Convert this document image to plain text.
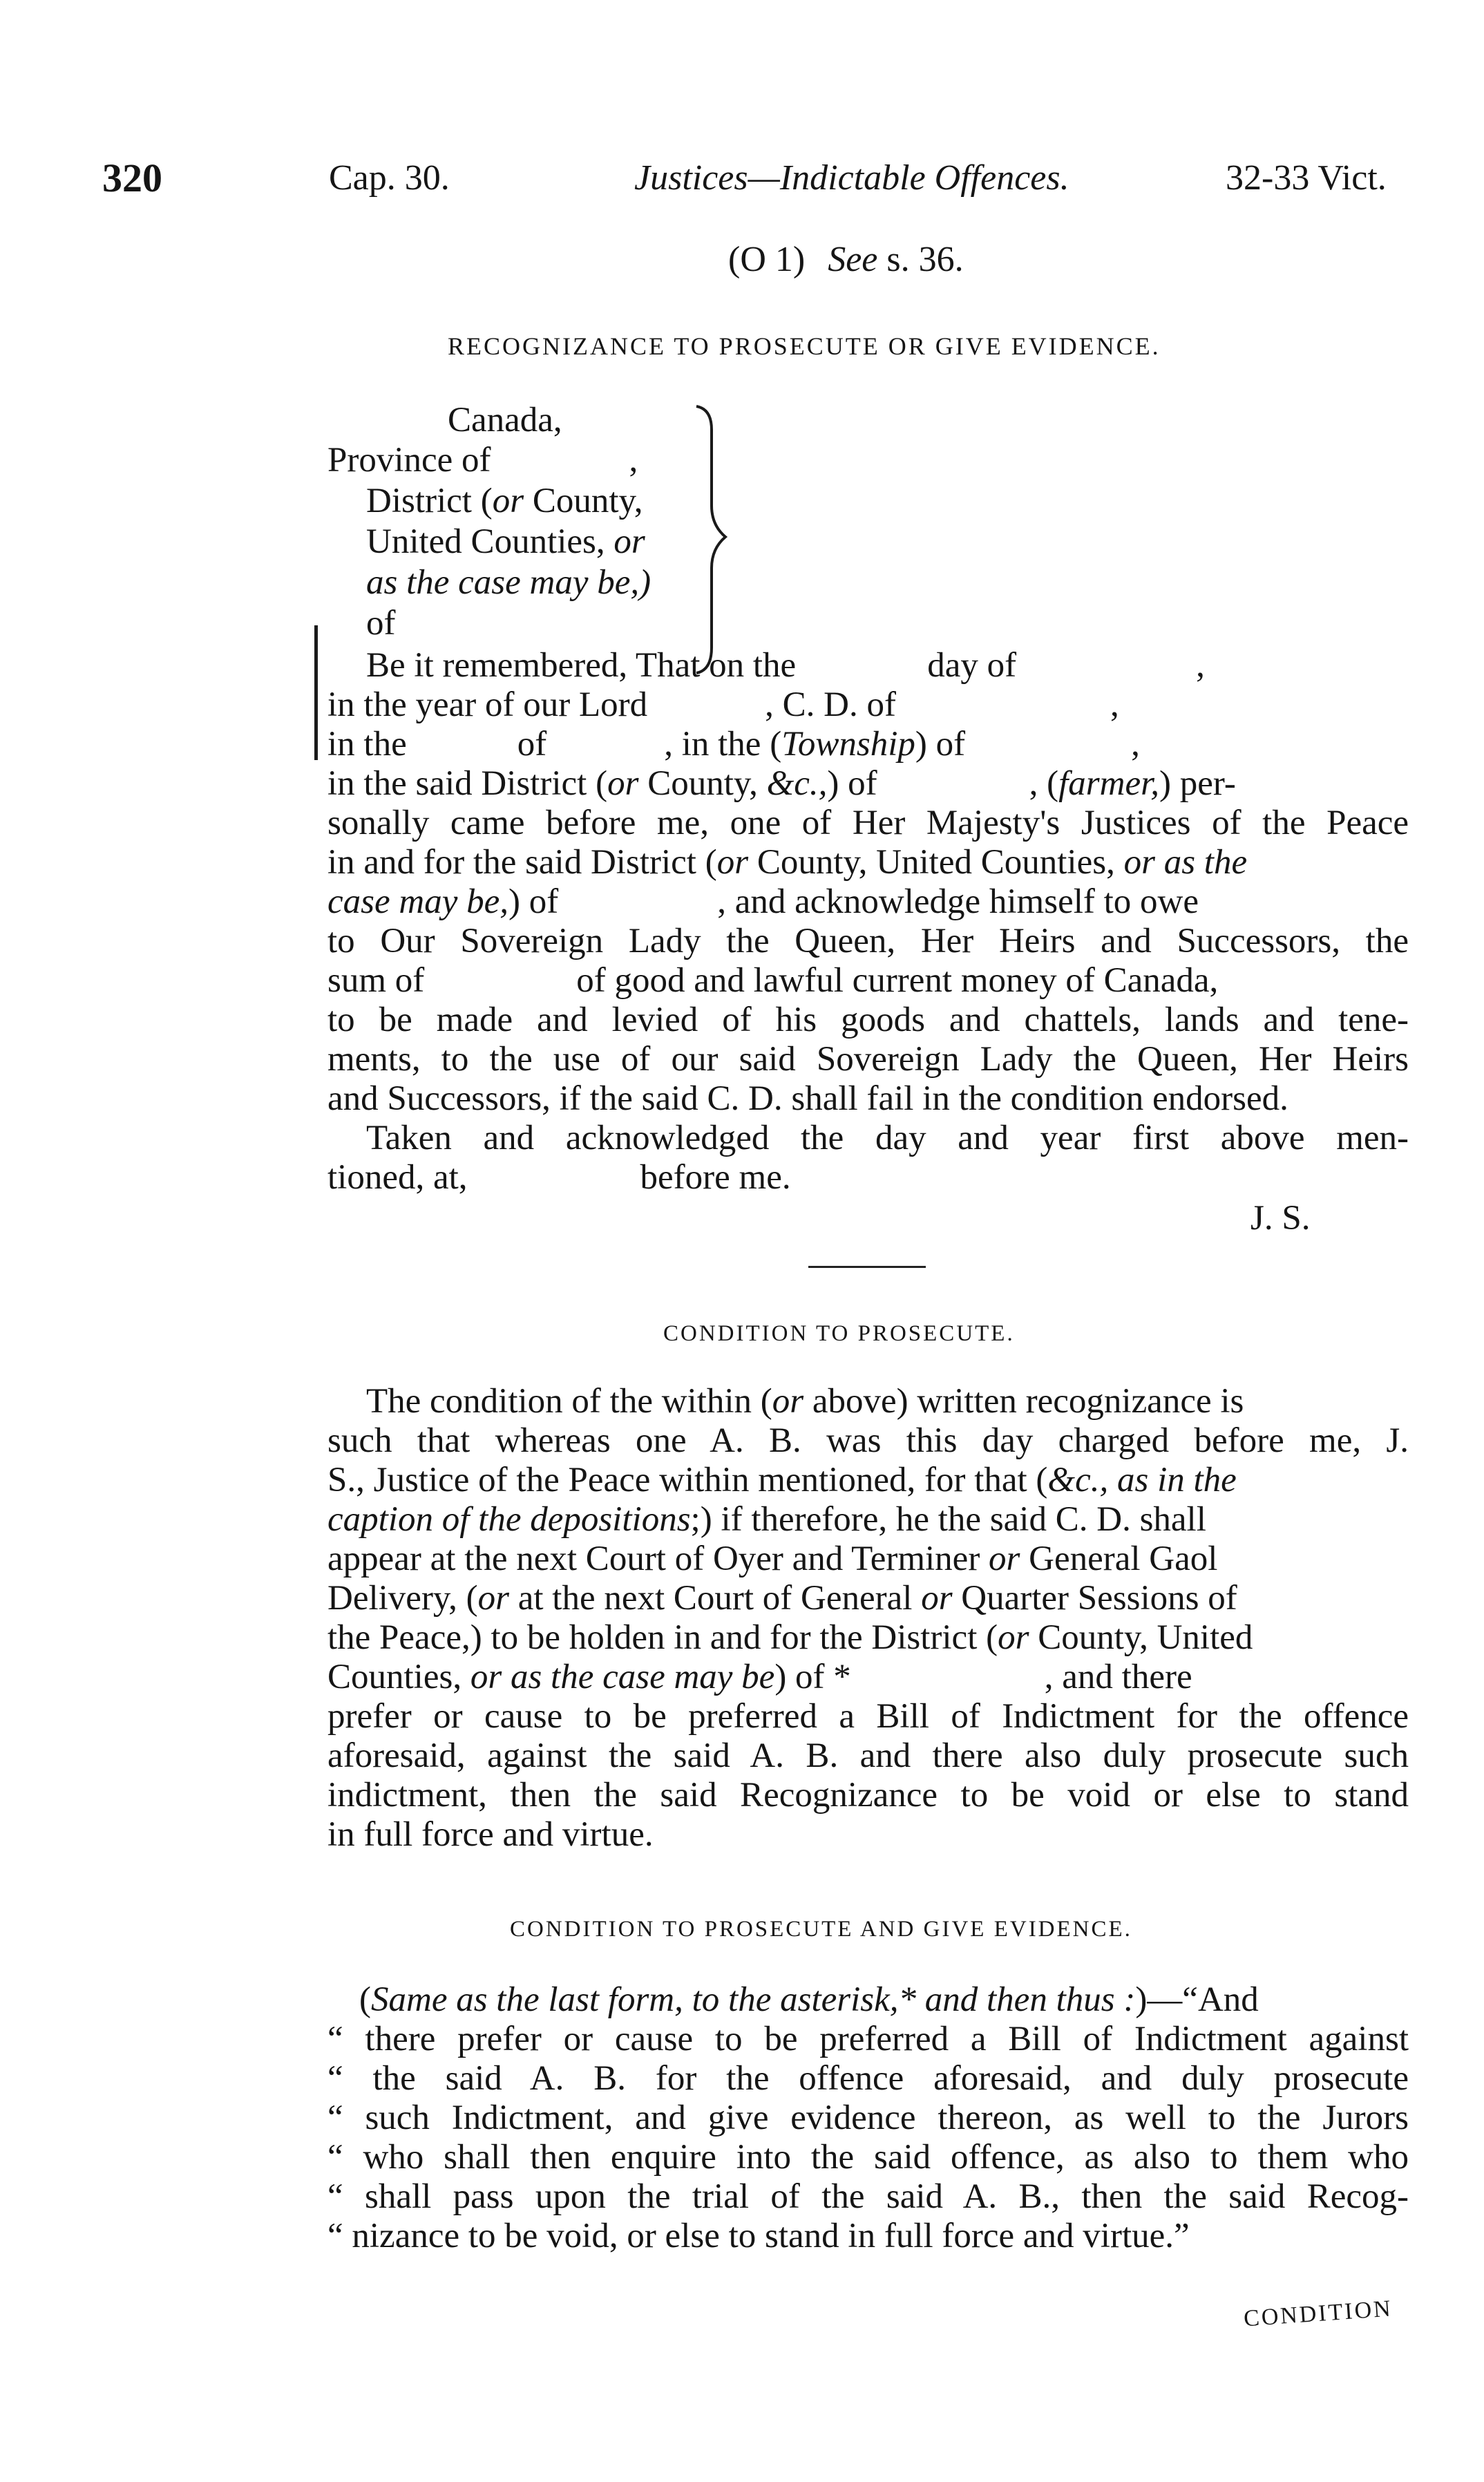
320	Cap. 30.	Justices—Indictable Offences.	32-33 Vict.
(O 1) See s. 36.
RECOGNIZANCE TO PROSECUTE OR GIVE EVIDENCE.
Canada,
Province of	,
District (or County,
United Counties, or
as the case may be,)
of
Be it remembered, That on the	day of	,
in the year of our Lord	, C. D. of	,
in the	of	, in the (Township) of	,
in the said District (or County, &c.,) of	, (farmer,) per-
sonally came before me, one of Her Majesty's Justices of the Peace
in and for the said District (or County, United Counties, or as the
case may be,) of	, and acknowledge himself to owe
to Our Sovereign Lady the Queen, Her Heirs and Successors, the
sum of	of good and lawful current money of Canada,
to be made and levied of his goods and chattels, lands and tene-
ments, to the use of our said Sovereign Lady the Queen, Her Heirs
and Successors, if the said C. D. shall fail in the condition endorsed.
Taken and acknowledged the day and year first above men-
tioned, at,	before me.
J. S.
CONDITION TO PROSECUTE.
The condition of the within (or above) written recognizance is
such that whereas one A. B. was this day charged before me, J.
S., Justice of the Peace within mentioned, for that (&c., as in the
caption of the depositions;) if therefore, he the said C. D. shall
appear at the next Court of Oyer and Terminer or General Gaol
Delivery, (or at the next Court of General or Quarter Sessions of
the Peace,) to be holden in and for the District (or County, United
Counties, or as the case may be) of *	, and there
prefer or cause to be preferred a Bill of Indictment for the offence
aforesaid, against the said A. B. and there also duly prosecute such
indictment, then the said Recognizance to be void or else to stand
in full force and virtue.
CONDITION TO PROSECUTE AND GIVE EVIDENCE.
(Same as the last form, to the asterisk,* and then thus :)—“And
“ there prefer or cause to be preferred a Bill of Indictment against
“ the said A. B. for the offence aforesaid, and duly prosecute
“ such Indictment, and give evidence thereon, as well to the Jurors
“ who shall then enquire into the said offence, as also to them who
“ shall pass upon the trial of the said A. B., then the said Recog-
“ nizance to be void, or else to stand in full force and virtue.”
CONDITION
